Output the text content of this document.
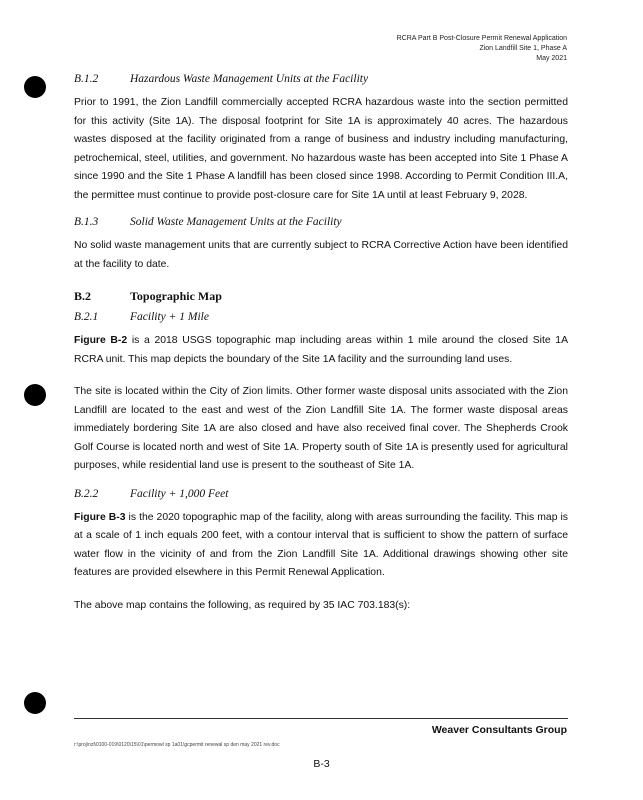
RCRA Part B Post-Closure Permit Renewal Application
Zion Landfill Site 1, Phase A
May 2021
B.1.2	Hazardous Waste Management Units at the Facility

Prior to 1991, the Zion Landfill commercially accepted RCRA hazardous waste into the section permitted for this activity (Site 1A). The disposal footprint for Site 1A is approximately 40 acres. The hazardous wastes disposed at the facility originated from a range of business and industry including manufacturing, petrochemical, steel, utilities, and government. No hazardous waste has been accepted into Site 1 Phase A since 1990 and the Site 1 Phase A landfill has been closed since 1998. According to Permit Condition III.A, the permittee must continue to provide post-closure care for Site 1A until at least February 9, 2028.

B.1.3	Solid Waste Management Units at the Facility

No solid waste management units that are currently subject to RCRA Corrective Action have been identified at the facility to date.

B.2	Topographic Map
B.2.1	Facility + 1 Mile

Figure B-2 is a 2018 USGS topographic map including areas within 1 mile around the closed Site 1A RCRA unit. This map depicts the boundary of the Site 1A facility and the surrounding land uses.

The site is located within the City of Zion limits. Other former waste disposal units associated with the Zion Landfill are located to the east and west of the Zion Landfill Site 1A. The former waste disposal areas immediately bordering Site 1A are also closed and have also received final cover. The Shepherds Crook Golf Course is located north and west of Site 1A. Property south of Site 1A is presently used for agricultural purposes, while residential land use is present to the southeast of Site 1A.

B.2.2	Facility + 1,000 Feet

Figure B-3 is the 2020 topographic map of the facility, along with areas surrounding the facility. This map is at a scale of 1 inch equals 200 feet, with a contour interval that is sufficient to show the pattern of surface water flow in the vicinity of and from the Zion Landfill Site 1A. Additional drawings showing other site features are provided elsewhere in this Permit Renewal Application.

The above map contains the following, as required by 35 IAC 703.183(s):

Weaver Consultants Group
r:\proj\nzl\0100-019\0120\15\01\permowl sp 1a01\gcpermit renewal sp den may 2021 rev.doc
B-3
